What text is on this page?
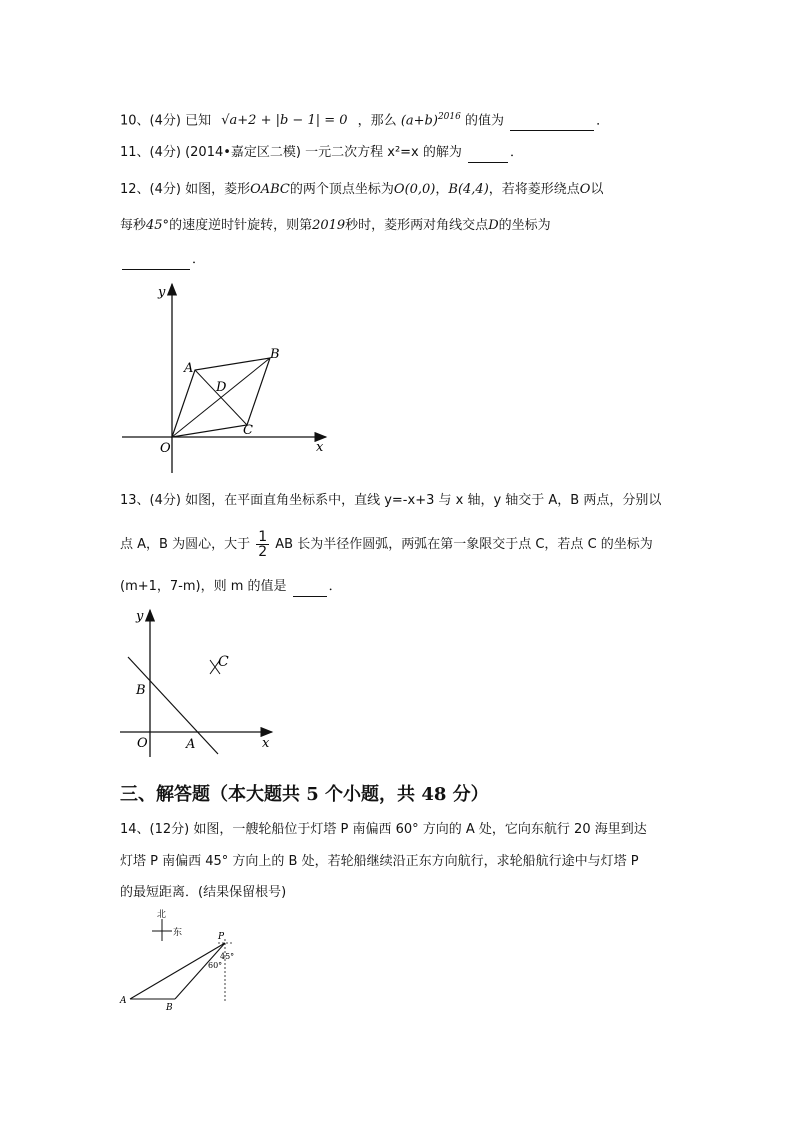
10、(4分) 已知 √a+2 + |b − 1| = 0 ，那么 $(a+b)^{2016}$ 的值为	．
11、(4分) (2014•嘉定区二模) 一元二次方程 x²=x 的解为	．
12、(4分) 如图，菱形OABC的两个顶点坐标为O(0,0)，B(4,4)，若将菱形绕点O以
每秒45°的速度逆时针旋转，则第2019秒时，菱形两对角线交点D的坐标为
．
y
x
O
A
B
C
D
13、(4分) 如图，在平面直角坐标系中，直线 y=-x+3 与 x 轴，y 轴交于 A，B 两点，分别以
点 A，B 为圆心，大于 $\frac{1}{2}$ AB 长为半径作圆弧，两弧在第一象限交于点 C，若点 C 的坐标为
(m+1，7-m)，则 m 的值是	．
y
x
O	A
B
C
三、解答题（本大题共 5 个小题，共 48 分）
14、(12分) 如图，一艘轮船位于灯塔 P 南偏西 60° 方向的 A 处，它向东航行 20 海里到达
灯塔 P 南偏西 45° 方向上的 B 处，若轮船继续沿正东方向航行，求轮船航行途中与灯塔 P
的最短距离．(结果保留根号)
北
东	P
A
B
45°
60°
